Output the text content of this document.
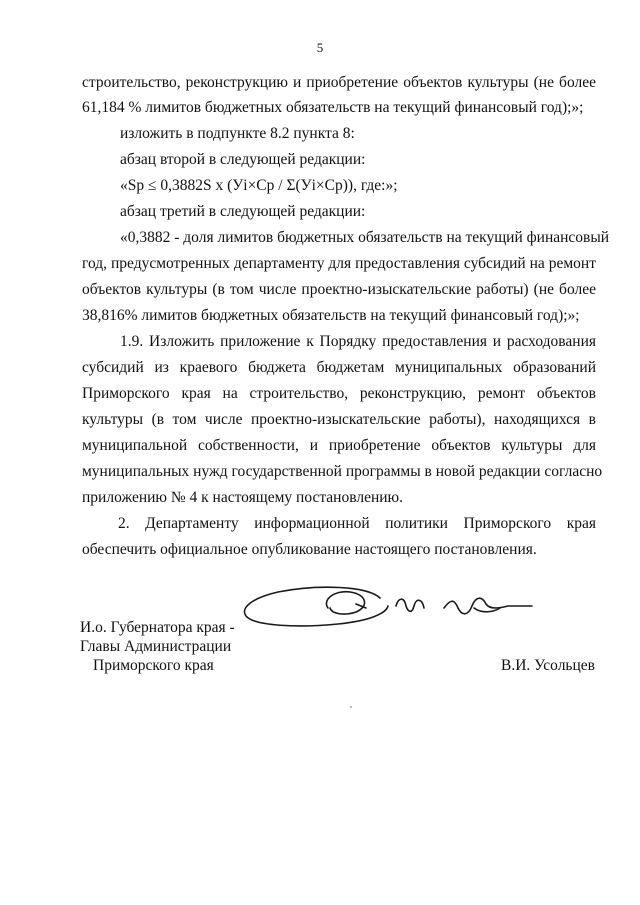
5
строительство, реконструкцию и приобретение объектов культуры (не более
61,184 % лимитов бюджетных обязательств на текущий финансовый год);»;
изложить в подпункте 8.2 пункта 8:
абзац второй в следующей редакции:
«Sр ≤ 0,3882S x (Уi×Cр / Σ(Уi×Cр)), где:»;
абзац третий в следующей редакции:
«0,3882 - доля лимитов бюджетных обязательств на текущий финансовый
год, предусмотренных департаменту для предоставления субсидий на ремонт
объектов культуры (в том числе проектно-изыскательские работы) (не более
38,816% лимитов бюджетных обязательств на текущий финансовый год);»;
1.9. Изложить приложение к Порядку предоставления и расходования
субсидий из краевого бюджета бюджетам муниципальных образований
Приморского края на строительство, реконструкцию, ремонт объектов
культуры (в том числе проектно-изыскательские работы), находящихся в
муниципальной собственности, и приобретение объектов культуры для
муниципальных нужд государственной программы в новой редакции согласно
приложению № 4 к настоящему постановлению.
2. Департаменту информационной политики Приморского края
обеспечить официальное опубликование настоящего постановления.
И.о. Губернатора края -
Главы Администрации
Приморского края	В.И. Усольцев
